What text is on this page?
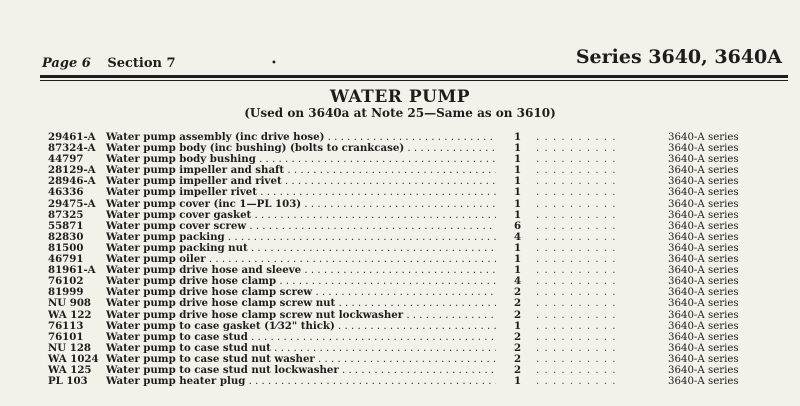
Page 6 Section 7	•	Series 3640, 3640A
WATER PUMP
(Used on 3640a at Note 25—Same as on 3610)
29461-A Water pump assembly (inc drive hose) . . .	1 . . . . . . . . . .	3640-A series
87324-A Water pump body (inc bushing) (bolts to crankcase) . . .	1 . . . . . . . . . .	3640-A series
44797 Water pump body bushing . . .	1 . . . . . . . . . .	3640-A series
28129-A Water pump impeller and shaft . . .	1 . . . . . . . . . .	3640-A series
28946-A Water pump impeller and rivet . . .	1 . . . . . . . . . .	3640-A series
46336 Water pump impeller rivet . . .	1 . . . . . . . . . .	3640-A series
29475-A Water pump cover (inc 1—PL 103) . . .	1 . . . . . . . . . .	3640-A series
87325 Water pump cover gasket . . .	1 . . . . . . . . . .	3640-A series
55871 Water pump cover screw . . .	6 . . . . . . . . . .	3640-A series
82830 Water pump packing . . .	4 . . . . . . . . . .	3640-A series
81500 Water pump packing nut . . .	1 . . . . . . . . . .	3640-A series
46791 Water pump oiler . . .	1 . . . . . . . . . .	3640-A series
81961-A Water pump drive hose and sleeve . . .	1 . . . . . . . . . .	3640-A series
76102 Water pump drive hose clamp . . .	4 . . . . . . . . . .	3640-A series
81999 Water pump drive hose clamp screw . . .	2 . . . . . . . . . .	3640-A series
NU 908 Water pump drive hose clamp screw nut . . .	2 . . . . . . . . . .	3640-A series
WA 122 Water pump drive hose clamp screw nut lockwasher . . .	2 . . . . . . . . . .	3640-A series
76113 Water pump to case gasket (1⁄32" thick) . . .	1 . . . . . . . . . .	3640-A series
76101 Water pump to case stud . . .	2 . . . . . . . . . .	3640-A series
NU 128 Water pump to case stud nut . . .	2 . . . . . . . . . .	3640-A series
WA 1024 Water pump to case stud nut washer . . .	2 . . . . . . . . . .	3640-A series
WA 125 Water pump to case stud nut lockwasher . . .	2 . . . . . . . . . .	3640-A series
PL 103 Water pump heater plug . . .	1 . . . . . . . . . .	3640-A series
